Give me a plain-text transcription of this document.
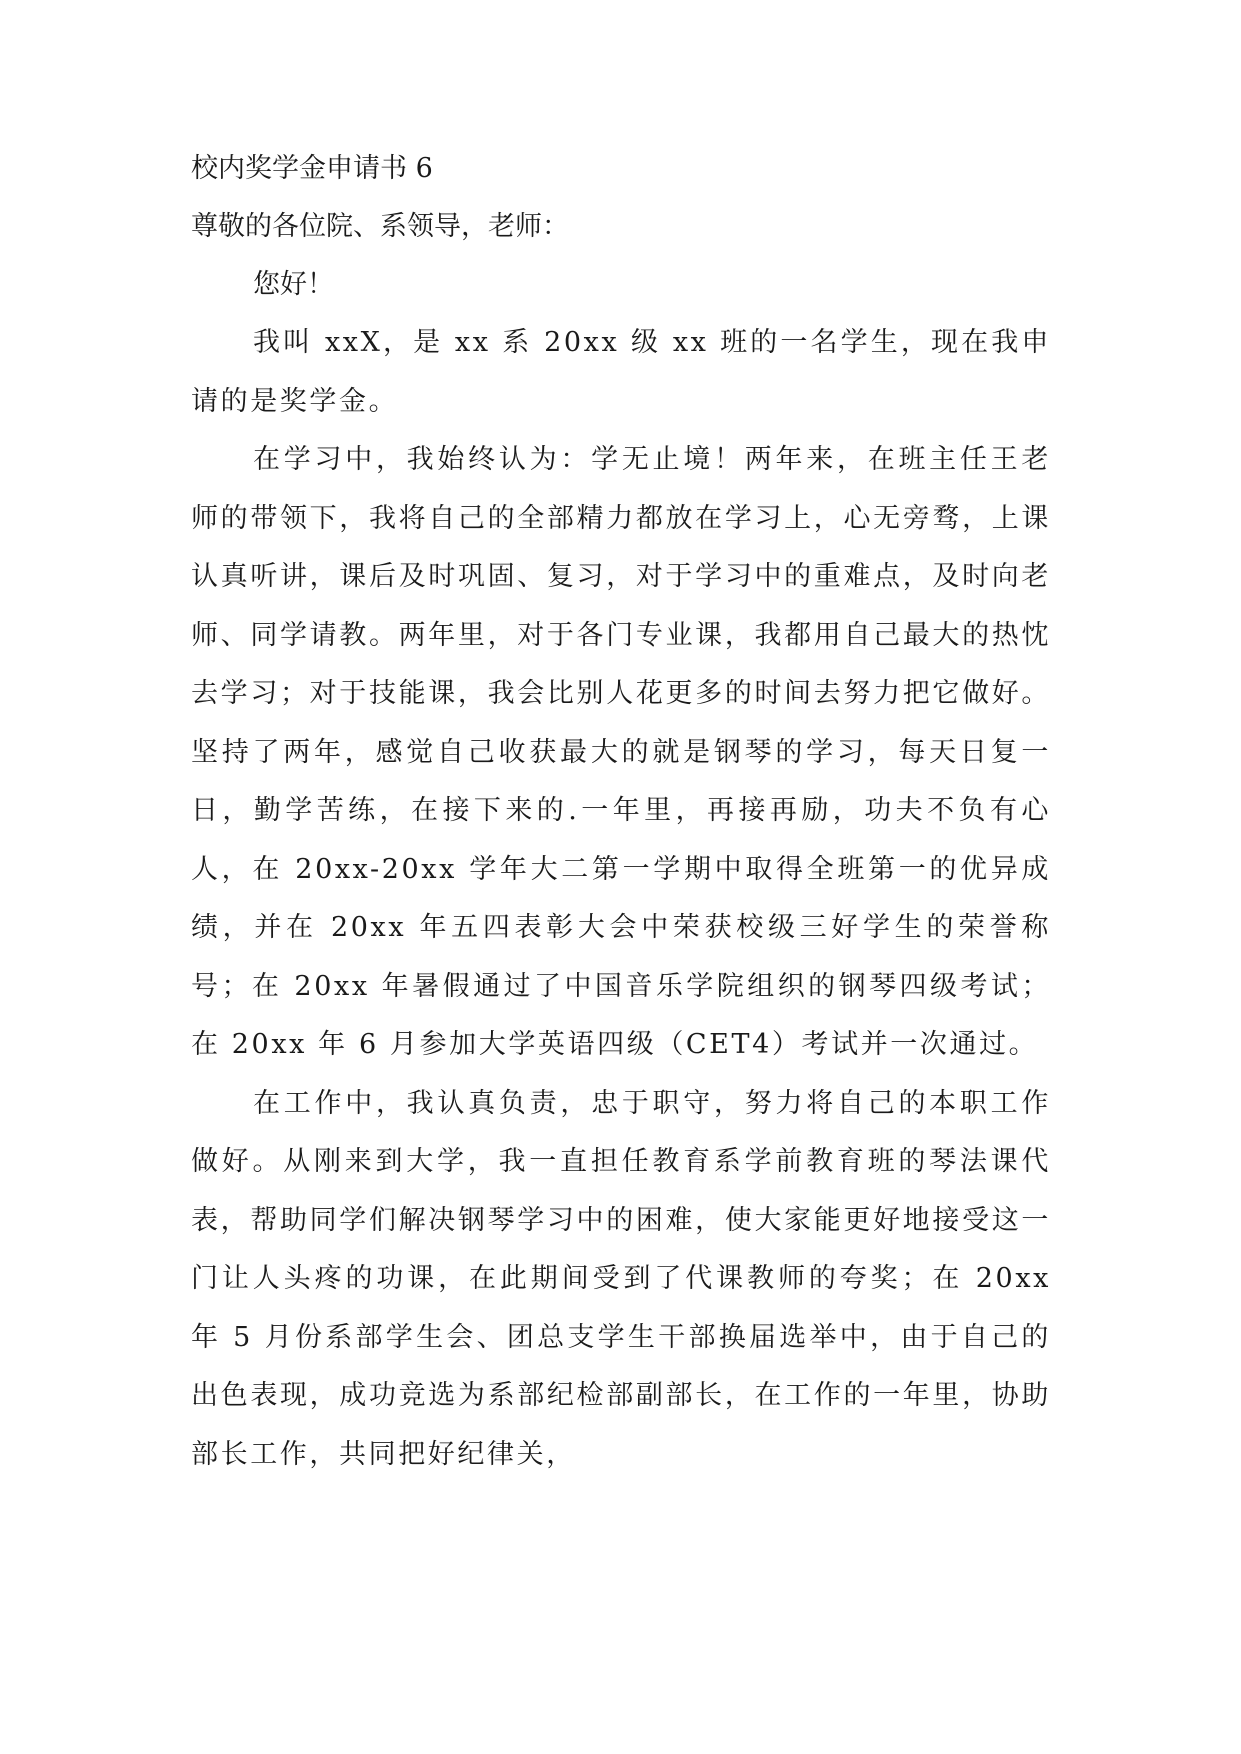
校内奖学金申请书 6

尊敬的各位院、系领导，老师：

您好！

我叫 xxX，是 xx 系 20xx 级 xx 班的一名学生，现在我申请的是奖学金。

在学习中，我始终认为：学无止境！两年来，在班主任王老师的带领下，我将自己的全部精力都放在学习上，心无旁骛，上课认真听讲，课后及时巩固、复习，对于学习中的重难点，及时向老师、同学请教。两年里，对于各门专业课，我都用自己最大的热忱去学习；对于技能课，我会比别人花更多的时间去努力把它做好。坚持了两年，感觉自己收获最大的就是钢琴的学习，每天日复一日，勤学苦练，在接下来的.一年里，再接再励，功夫不负有心人，在 20xx-20xx 学年大二第一学期中取得全班第一的优异成绩，并在 20xx 年五四表彰大会中荣获校级三好学生的荣誉称号；在 20xx 年暑假通过了中国音乐学院组织的钢琴四级考试；在 20xx 年 6 月参加大学英语四级（CET4）考试并一次通过。

在工作中，我认真负责，忠于职守，努力将自己的本职工作做好。从刚来到大学，我一直担任教育系学前教育班的琴法课代表，帮助同学们解决钢琴学习中的困难，使大家能更好地接受这一门让人头疼的功课，在此期间受到了代课教师的夸奖；在 20xx 年 5 月份系部学生会、团总支学生干部换届选举中，由于自己的出色表现，成功竞选为系部纪检部副部长，在工作的一年里，协助部长工作，共同把好纪律关，
